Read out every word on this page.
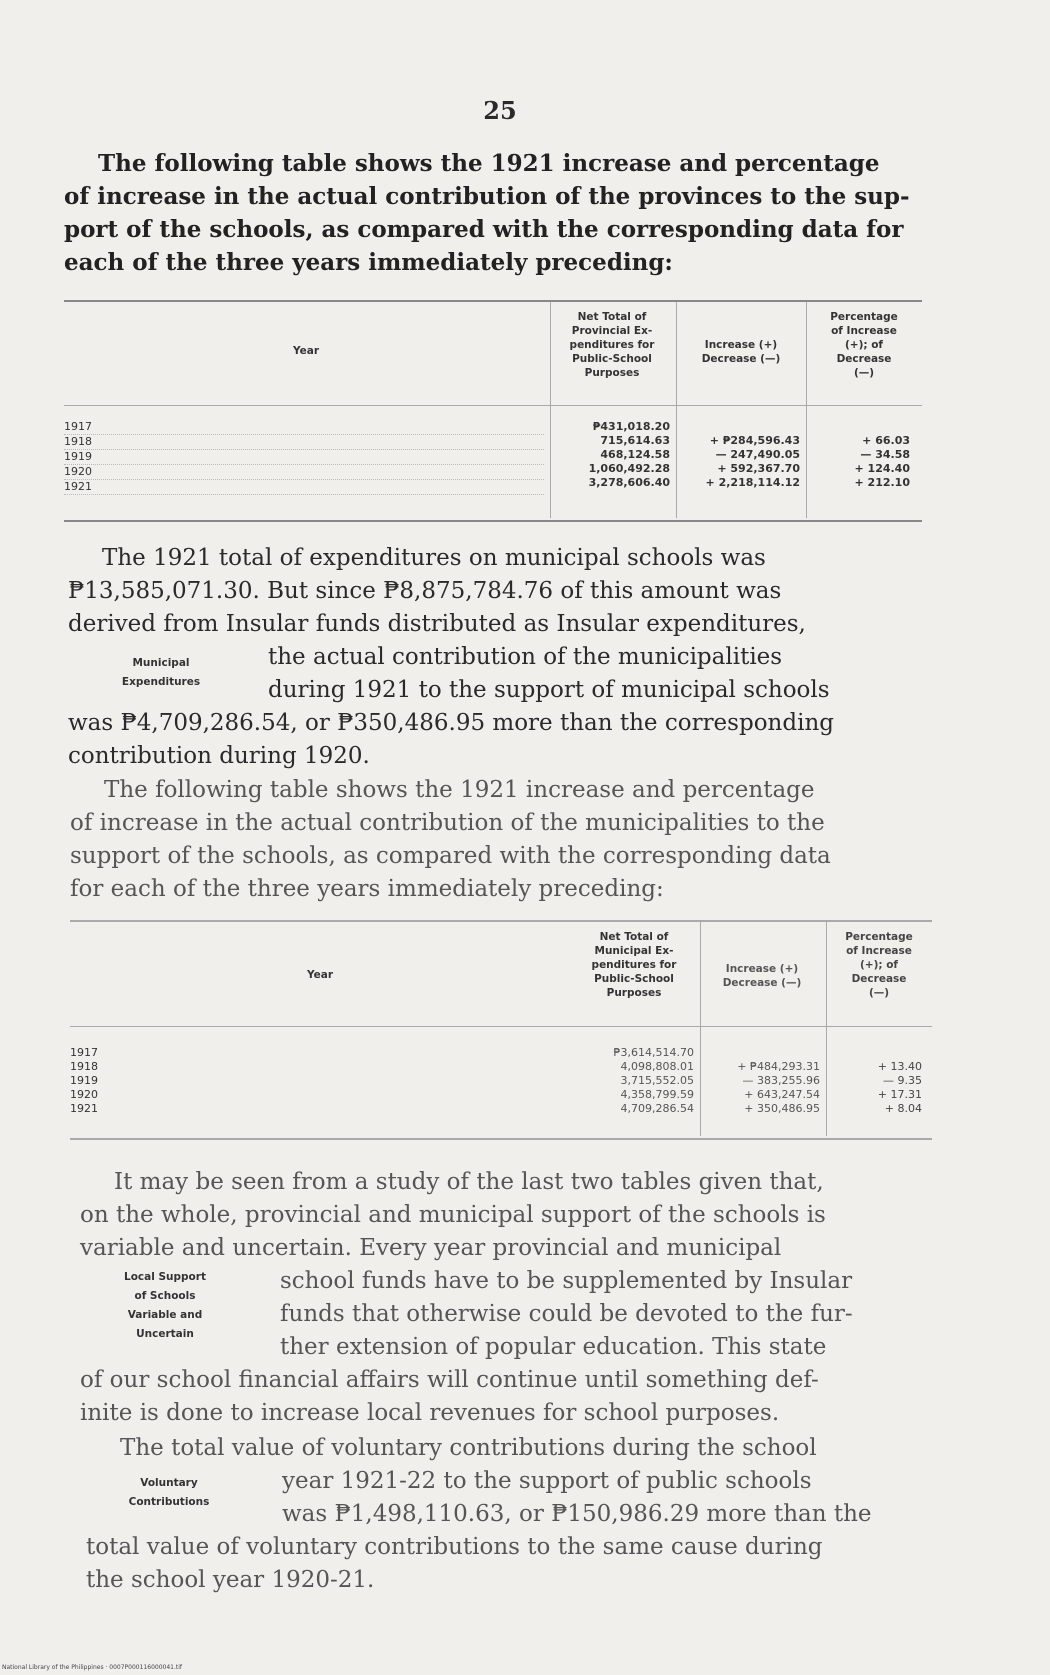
25
The following table shows the 1921 increase and percentage
of increase in the actual contribution of the provinces to the sup-
port of the schools, as compared with the corresponding data for
each of the three years immediately preceding:
Year
Net Total of
Provincial Ex-
penditures for
Public-School
Purposes
Increase (+)
Decrease (—)
Percentage
of Increase
(+); of
Decrease
(—)
1917
1918
1919
1920
1921
₱431,018.20
715,614.63
468,124.58
1,060,492.28
3,278,606.40
+ ₱284,596.43
— 247,490.05
+ 592,367.70
+ 2,218,114.12
+ 66.03
— 34.58
+ 124.40
+ 212.10
The 1921 total of expenditures on municipal schools was
₱13,585,071.30. But since ₱8,875,784.76 of this amount was
derived from Insular funds distributed as Insular expenditures,
the actual contribution of the municipalities
during 1921 to the support of municipal schools
was ₱4,709,286.54, or ₱350,486.95 more than the corresponding
contribution during 1920.
Municipal
Expenditures
The following table shows the 1921 increase and percentage
of increase in the actual contribution of the municipalities to the
support of the schools, as compared with the corresponding data
for each of the three years immediately preceding:
Year
Net Total of
Municipal Ex-
penditures for
Public-School
Purposes
Increase (+)
Decrease (—)
Percentage
of Increase
(+); of
Decrease
(—)
1917
1918
1919
1920
1921
₱3,614,514.70
4,098,808.01
3,715,552.05
4,358,799.59
4,709,286.54
+ ₱484,293.31
— 383,255.96
+ 643,247.54
+ 350,486.95
+ 13.40
— 9.35
+ 17.31
+ 8.04
It may be seen from a study of the last two tables given that,
on the whole, provincial and municipal support of the schools is
variable and uncertain. Every year provincial and municipal
school funds have to be supplemented by Insular
funds that otherwise could be devoted to the fur-
ther extension of popular education. This state
of our school financial affairs will continue until something def-
inite is done to increase local revenues for school purposes.
Local Support
of Schools
Variable and
Uncertain
The total value of voluntary contributions during the school
year 1921-22 to the support of public schools
was ₱1,498,110.63, or ₱150,986.29 more than the
total value of voluntary contributions to the same cause during
the school year 1920-21.
Voluntary
Contributions
National Library of the Philippines · 0007P000116000041.tif
